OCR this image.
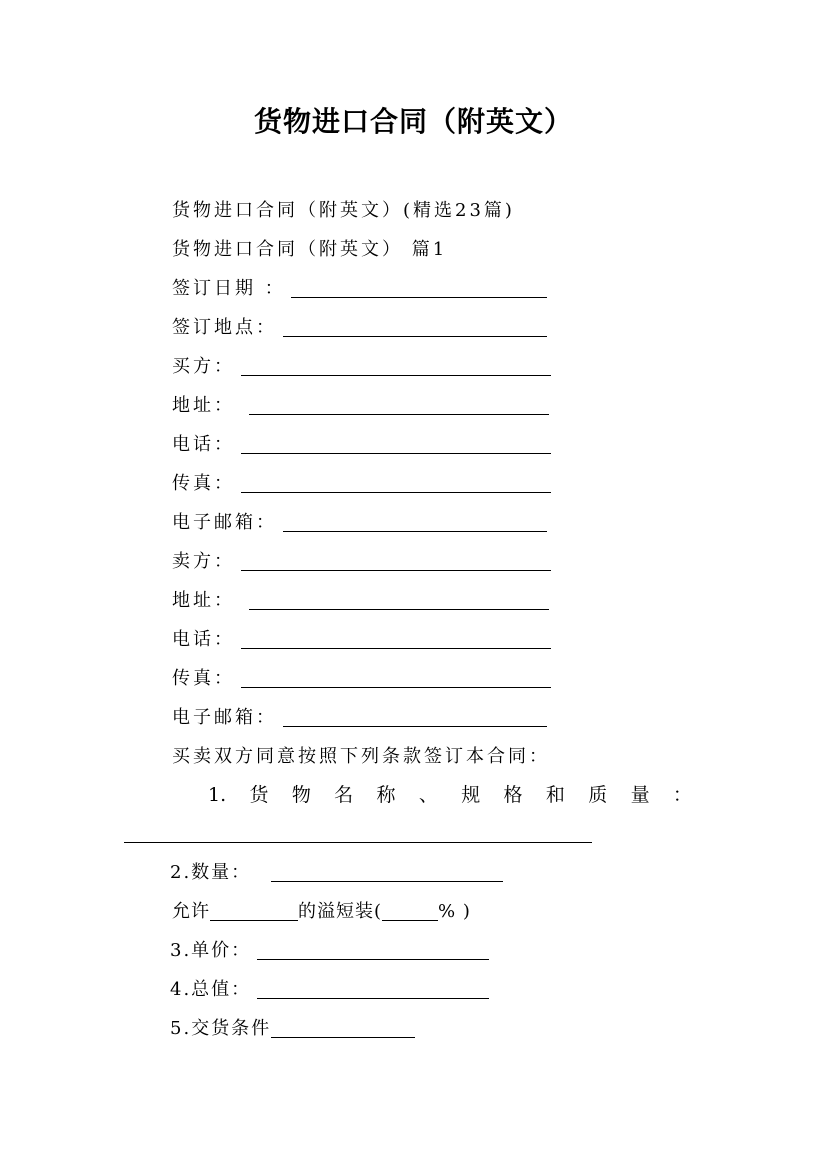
货物进口合同（附英文）
货物进口合同（附英文）(精选23篇)
货物进口合同（附英文） 篇1
签订日期 ：
签订地点：
买方：
地址：
电话：
传真：
电子邮箱：
卖方：
地址：
电话：
传真：
电子邮箱：
买卖双方同意按照下列条款签订本合同：
1. 货 物 名 称 、 规 格 和 质 量 ：
2.数量：
允许	的溢短装(	% )
3.单价：
4.总值：
5.交货条件
